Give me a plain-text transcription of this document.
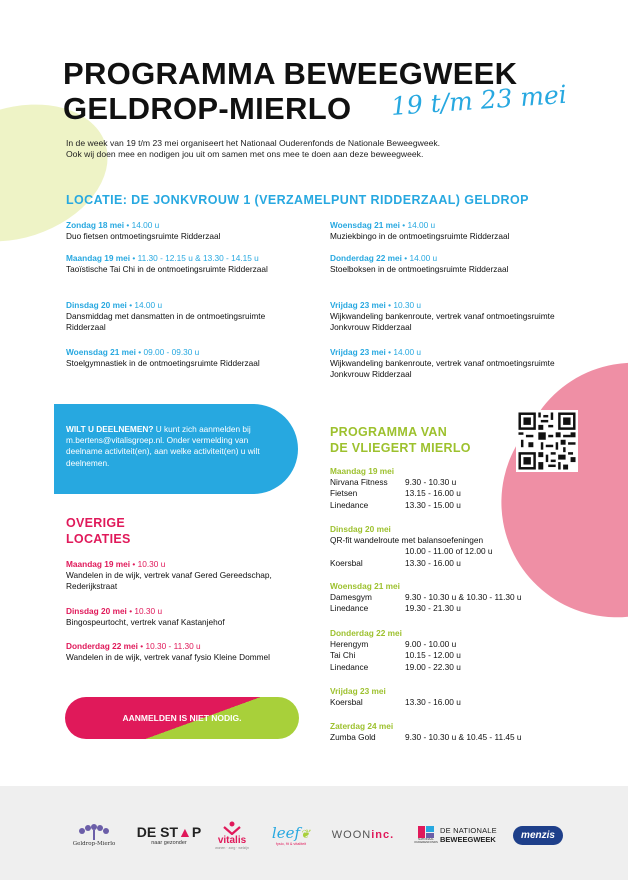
PROGRAMMA BEWEEGWEEK
GELDROP-MIERLO 19 t/m 23 mei
In de week van 19 t/m 23 mei organiseert het Nationaal Ouderenfonds de Nationale Beweegweek.
Ook wij doen mee en nodigen jou uit om samen met ons mee te doen aan deze beweegweek.
LOCATIE: DE JONKVROUW 1 (VERZAMELPUNT RIDDERZAAL) GELDROP
Zondag 18 mei • 14.00 u
Duo fietsen ontmoetingsruimte Ridderzaal
Maandag 19 mei • 11.30 - 12.15 u & 13.30 - 14.15 u
Taoïstische Tai Chi in de ontmoetingsruimte Ridderzaal
Dinsdag 20 mei • 14.00 u
Dansmiddag met dansmatten in de ontmoetingsruimte Ridderzaal
Woensdag 21 mei • 09.00 - 09.30 u
Stoelgymnastiek in de ontmoetingsruimte Ridderzaal
Woensdag 21 mei • 14.00 u
Muziekbingo in de ontmoetingsruimte Ridderzaal
Donderdag 22 mei • 14.00 u
Stoelboksen in de ontmoetingsruimte Ridderzaal
Vrijdag 23 mei • 10.30 u
Wijkwandeling bankenroute, vertrek vanaf ontmoetingsruimte Jonkvrouw Ridderzaal
Vrijdag 23 mei • 14.00 u
Wijkwandeling bankenroute, vertrek vanaf ontmoetingsruimte Jonkvrouw Ridderzaal
WILT U DEELNEMEN? U kunt zich aanmelden bij m.bertens@vitalisgroep.nl. Onder vermelding van deelname activiteit(en), aan welke activiteit(en) u wilt deelnemen.
OVERIGE
LOCATIES
Maandag 19 mei • 10.30 u
Wandelen in de wijk, vertrek vanaf Gered Gereedschap, Rederijkstraat
Dinsdag 20 mei • 10.30 u
Bingospeurtocht, vertrek vanaf Kastanjehof
Donderdag 22 mei • 10.30 - 11.30 u
Wandelen in de wijk, vertrek vanaf fysio Kleine Dommel
AANMELDEN IS NIET NODIG.
PROGRAMMA VAN
DE VLIEGERT MIERLO
Maandag 19 mei
Nirvana Fitness 9.30 - 10.30 u
Fietsen	13.15 - 16.00 u
Linedance	13.30 - 15.00 u
Dinsdag 20 mei
QR-fit wandelroute met balansoefeningen
10.00 - 11.00 of 12.00 u
Koersbal	13.30 - 16.00 u
Woensdag 21 mei
Damesgym	9.30 - 10.30 u & 10.30 - 11.30 u
Linedance	19.30 - 21.30 u
Donderdag 22 mei
Herengym	9.00 - 10.00 u
Tai Chi	10.15 - 12.00 u
Linedance	19.00 - 22.30 u
Vrijdag 23 mei
Koersbal	13.30 - 16.00 u
Zaterdag 24 mei
Zumba Gold	9.30 - 10.30 u & 10.45 - 11.45 u
Geldrop-Mierlo
DE ST▲P
naar gezonder	vitalis
wonen · zorg · welzijn
leef❦
fysio, fit & vitaliteit
WOONinc.	NATIONAAL OUDERENFONDS
DE NATIONALE
BEWEEGWEEK	menzis
